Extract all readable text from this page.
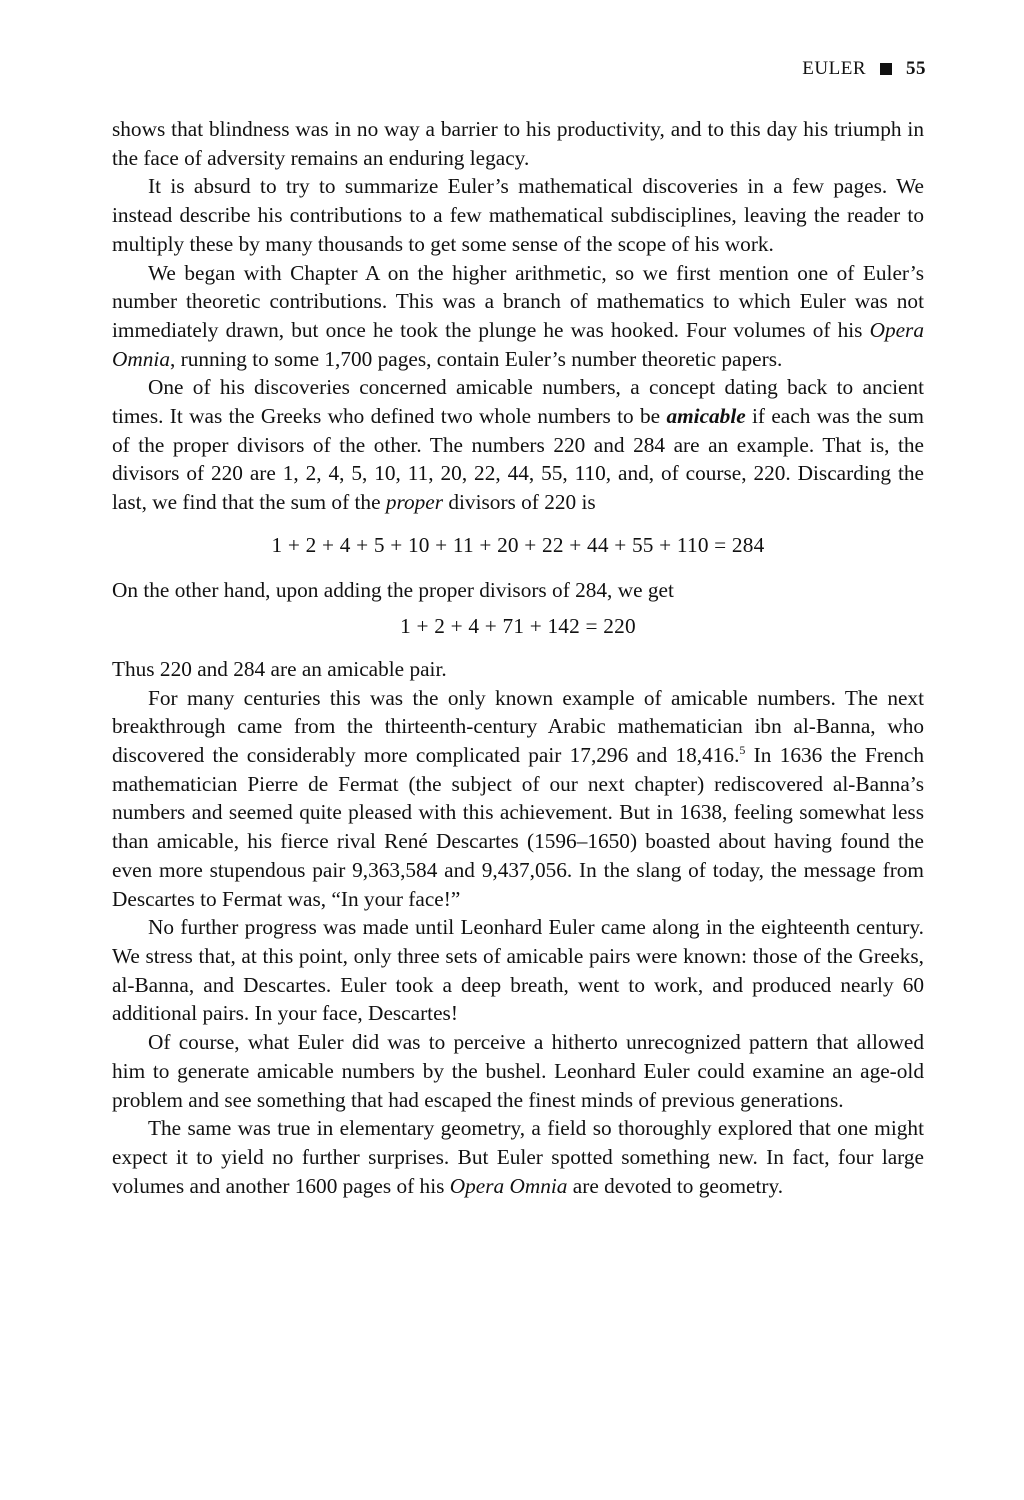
EULER 55

shows that blindness was in no way a barrier to his productivity, and to this day his triumph in the face of adversity remains an enduring legacy.

It is absurd to try to summarize Euler’s mathematical discoveries in a few pages. We instead describe his contributions to a few mathematical subdisciplines, leaving the reader to multiply these by many thousands to get some sense of the scope of his work.

We began with Chapter A on the higher arithmetic, so we first mention one of Euler’s number theoretic contributions. This was a branch of mathematics to which Euler was not immediately drawn, but once he took the plunge he was hooked. Four volumes of his Opera Omnia, running to some 1,700 pages, contain Euler’s number theoretic papers.

One of his discoveries concerned amicable numbers, a concept dating back to ancient times. It was the Greeks who defined two whole numbers to be amicable if each was the sum of the proper divisors of the other. The numbers 220 and 284 are an example. That is, the divisors of 220 are 1, 2, 4, 5, 10, 11, 20, 22, 44, 55, 110, and, of course, 220. Discarding the last, we find that the sum of the proper divisors of 220 is

1 + 2 + 4 + 5 + 10 + 11 + 20 + 22 + 44 + 55 + 110 = 284

On the other hand, upon adding the proper divisors of 284, we get

1 + 2 + 4 + 71 + 142 = 220

Thus 220 and 284 are an amicable pair.

For many centuries this was the only known example of amicable numbers. The next breakthrough came from the thirteenth-century Arabic mathematician ibn al-Banna, who discovered the considerably more complicated pair 17,296 and 18,416.$^5$ In 1636 the French mathematician Pierre de Fermat (the subject of our next chapter) rediscovered al-Banna’s numbers and seemed quite pleased with this achievement. But in 1638, feeling somewhat less than amicable, his fierce rival René Descartes (1596–1650) boasted about having found the even more stupendous pair 9,363,584 and 9,437,056. In the slang of today, the message from Descartes to Fermat was, “In your face!”

No further progress was made until Leonhard Euler came along in the eighteenth century. We stress that, at this point, only three sets of amicable pairs were known: those of the Greeks, al-Banna, and Descartes. Euler took a deep breath, went to work, and produced nearly 60 additional pairs. In your face, Descartes!

Of course, what Euler did was to perceive a hitherto unrecognized pattern that allowed him to generate amicable numbers by the bushel. Leonhard Euler could examine an age-old problem and see something that had escaped the finest minds of previous generations.

The same was true in elementary geometry, a field so thoroughly explored that one might expect it to yield no further surprises. But Euler spotted something new. In fact, four large volumes and another 1600 pages of his Opera Omnia are devoted to geometry.
